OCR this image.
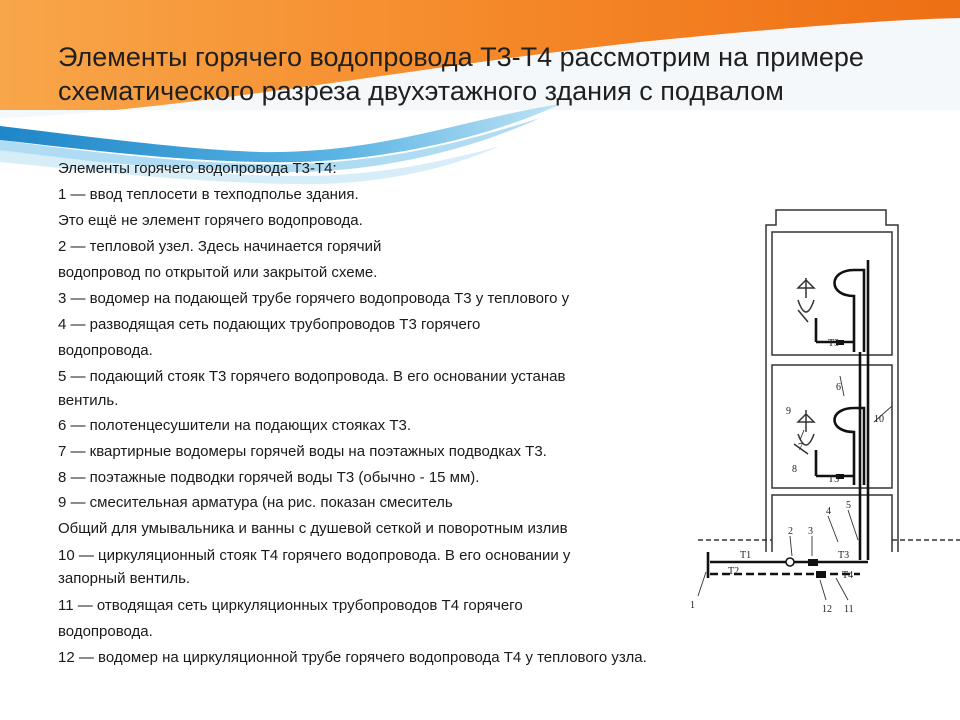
Элементы горячего водопровода Т3-Т4 рассмотрим на примере схематического разреза двухэтажного здания с подвалом
Элементы горячего водопровода Т3-Т4:
1 — ввод теплосети в техподполье здания.
Это ещё не элемент горячего водопровода.
2 — тепловой узел. Здесь начинается горячий
водопровод по открытой или закрытой схеме.
3 — водомер на подающей трубе горячего водопровода Т3 у теплового у
4 — разводящая сеть подающих трубопроводов Т3 горячего
водопровода.
5 — подающий стояк Т3 горячего водопровода. В его основании устанав
вентиль.
6 — полотенцесушители на подающих стояках Т3.
7 — квартирные водомеры горячей воды на поэтажных подводках Т3.
8 — поэтажные подводки горячей воды Т3 (обычно - 15 мм).
9 — смесительная арматура (на рис. показан смеситель
Общий для умывальника и ванны с душевой сеткой и поворотным излив
10 — циркуляционный стояк Т4 горячего водопровода. В его основании у
запорный вентиль.
11 — отводящая сеть циркуляционных трубопроводов Т4 горячего
водопровода.
12 — водомер на циркуляционной трубе горячего водопровода Т4 у теплового узла.
Т3
Т3
Т1
Т2
Т3
Т4
1
2 3
4
5
6
7
8
9
10
11
12
